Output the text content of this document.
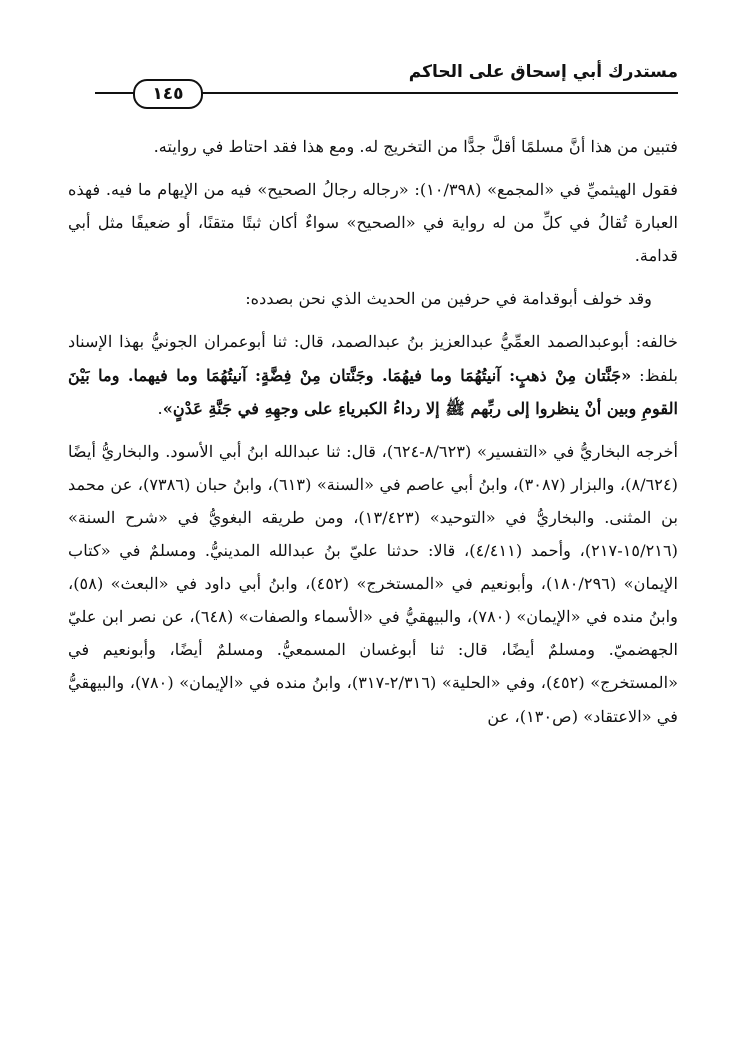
مستدرك أبي إسحاق على الحاكم
١٤٥

فتبين من هذا أنَّ مسلمًا أقلَّ جدًّا من التخريج له. ومع هذا فقد احتاط في روايته.

فقول الهيثميِّ في «المجمع» (١٠/٣٩٨): «رجاله رجالُ الصحيح» فيه من الإيهام ما فيه. فهذه العبارة تُقالُ في كلِّ من له رواية في «الصحيح» سواءٌ أكان ثبتًا متقنًا، أو ضعيفًا مثل أبي قدامة.

وقد خولف أبوقدامة في حرفين من الحديث الذي نحن بصدده:

خالفه: أبوعبدالصمد العمِّيُّ عبدالعزيز بنُ عبدالصمد، قال: ثنا أبوعمران الجونيُّ بهذا الإسناد بلفظ: «جَنَّتان مِنْ ذهبٍ: آنيتُهُمَا وما فيهُمَا. وجَنَّتان مِنْ فِضَّةٍ: آنيتُهُمَا وما فيهما. وما بَيْنَ القومِ وبين أنْ ينظروا إلى ربِّهم ﷺ إلا رداءُ الكبرياءِ على وجهِهِ في جَنَّةِ عَدْنٍ».

أخرجه البخاريُّ في «التفسير» (٨/٦٢٣-٦٢٤)، قال: ثنا عبدالله ابنُ أبي الأسود. والبخاريُّ أيضًا (٨/٦٢٤)، والبزار (٣٠٨٧)، وابنُ أبي عاصم في «السنة» (٦١٣)، وابنُ حبان (٧٣٨٦)، عن محمد بن المثنى. والبخاريُّ في «التوحيد» (١٣/٤٢٣)، ومن طريقه البغويُّ في «شرح السنة» (١٥/٢١٦-٢١٧)، وأحمد (٤/٤١١)، قالا: حدثنا عليّ بنُ عبدالله المدينيُّ. ومسلمٌ في «كتاب الإيمان» (١٨٠/٢٩٦)، وأبونعيم في «المستخرج» (٤٥٢)، وابنُ أبي داود في «البعث» (٥٨)، وابنُ منده في «الإيمان» (٧٨٠)، والبيهقيُّ في «الأسماء والصفات» (٦٤٨)، عن نصر ابن عليّ الجهضميّ. ومسلمٌ أيضًا، قال: ثنا أبوغسان المسمعيُّ. ومسلمٌ أيضًا، وأبونعيم في «المستخرج» (٤٥٢)، وفي «الحلية» (٢/٣١٦-٣١٧)، وابنُ منده في «الإيمان» (٧٨٠)، والبيهقيُّ في «الاعتقاد» (ص١٣٠)، عن
